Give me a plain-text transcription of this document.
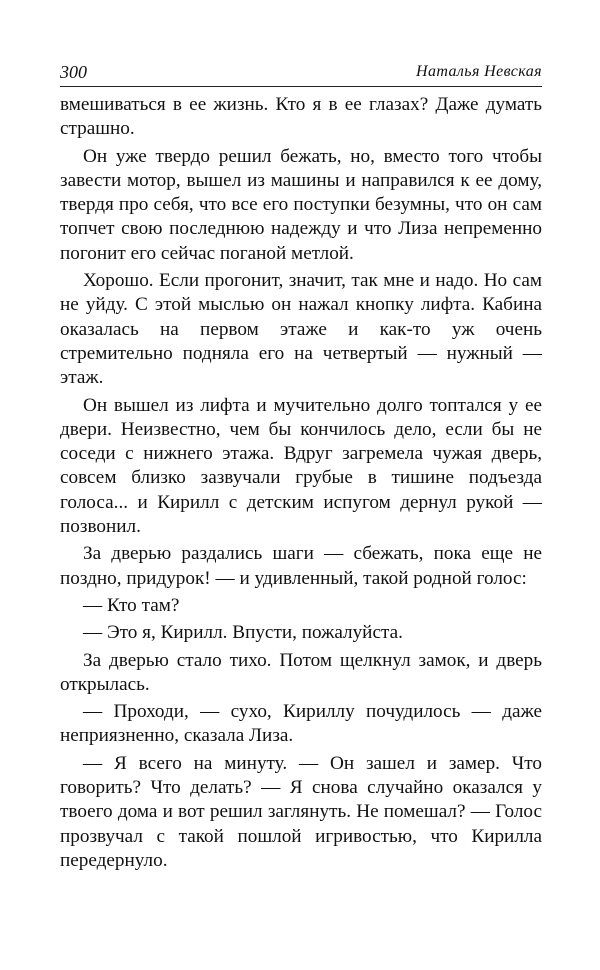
300	Наталья Невская

вмешиваться в ее жизнь. Кто я в ее глазах? Даже думать страшно.

Он уже твердо решил бежать, но, вместо того чтобы завести мотор, вышел из машины и направился к ее дому, твердя про себя, что все его поступки безумны, что он сам топчет свою последнюю надежду и что Лиза непременно погонит его сейчас поганой метлой.

Хорошо. Если прогонит, значит, так мне и надо. Но сам не уйду. С этой мыслью он нажал кнопку лифта. Кабина оказалась на первом этаже и как-то уж очень стремительно подняла его на четвертый — нужный — этаж.

Он вышел из лифта и мучительно долго топтался у ее двери. Неизвестно, чем бы кончилось дело, если бы не соседи с нижнего этажа. Вдруг загремела чужая дверь, совсем близко зазвучали грубые в тишине подъезда голоса... и Кирилл с детским испугом дернул рукой — позвонил.

За дверью раздались шаги — сбежать, пока еще не поздно, придурок! — и удивленный, такой родной голос:

— Кто там?

— Это я, Кирилл. Впусти, пожалуйста.

За дверью стало тихо. Потом щелкнул замок, и дверь открылась.

— Проходи, — сухо, Кириллу почудилось — даже неприязненно, сказала Лиза.

— Я всего на минуту. — Он зашел и замер. Что говорить? Что делать? — Я снова случайно оказался у твоего дома и вот решил заглянуть. Не помешал? — Голос прозвучал с такой пошлой игривостью, что Кирилла передернуло.
